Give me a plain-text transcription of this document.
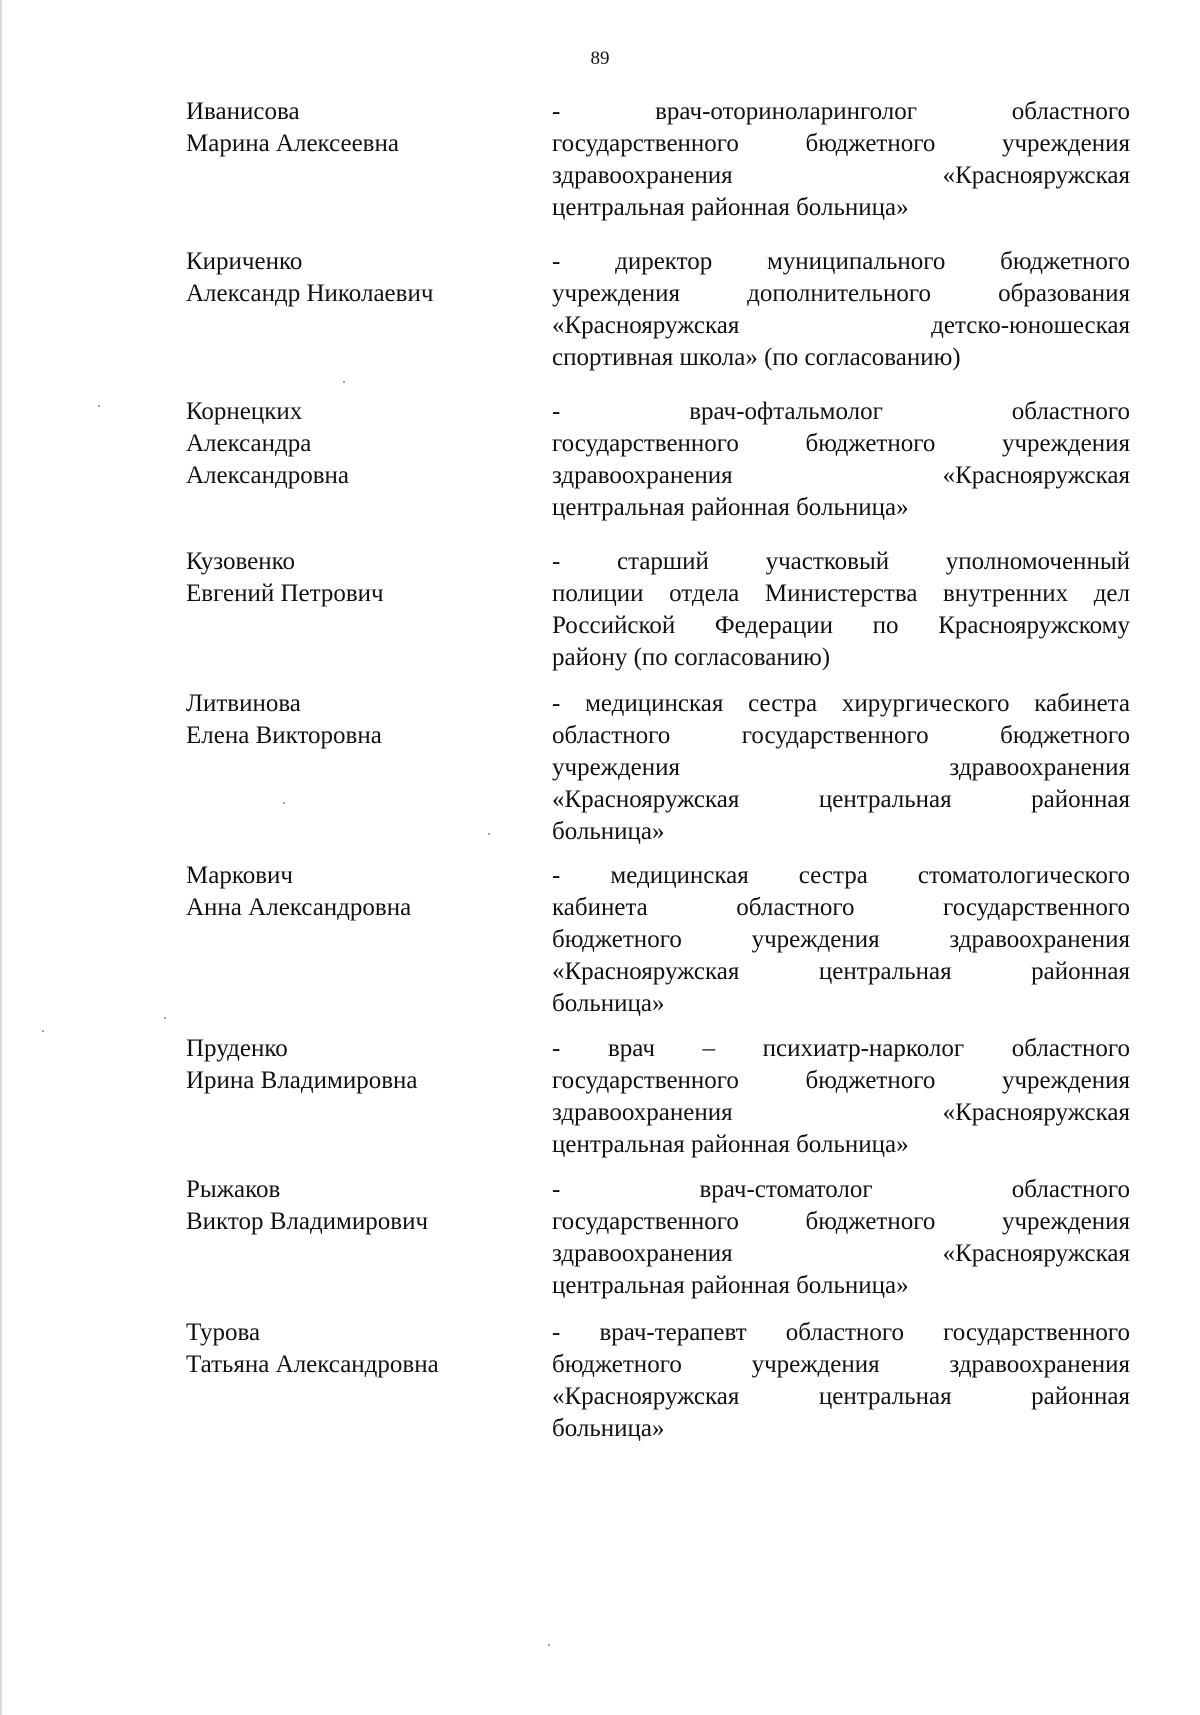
89
Иванисова
Марина Алексеевна
- врач-оториноларинголог областного
государственного бюджетного учреждения
здравоохранения «Краснояружская
центральная районная больница»
Кириченко
Александр Николаевич
- директор муниципального бюджетного
учреждения дополнительного образования
«Краснояружская детско-юношеская
спортивная школа» (по согласованию)
Корнецких
Александра
Александровна
- врач-офтальмолог областного
государственного бюджетного учреждения
здравоохранения «Краснояружская
центральная районная больница»
Кузовенко
Евгений Петрович
- старший участковый уполномоченный
полиции отдела Министерства внутренних дел
Российской Федерации по Краснояружскому
району (по согласованию)
Литвинова
Елена Викторовна
- медицинская сестра хирургического кабинета
областного государственного бюджетного
учреждения здравоохранения
«Краснояружская центральная районная
больница»
Маркович
Анна Александровна
- медицинская сестра стоматологического
кабинета областного государственного
бюджетного учреждения здравоохранения
«Краснояружская центральная районная
больница»
Пруденко
Ирина Владимировна
- врач – психиатр-нарколог областного
государственного бюджетного учреждения
здравоохранения «Краснояружская
центральная районная больница»
Рыжаков
Виктор Владимирович
- врач-стоматолог областного
государственного бюджетного учреждения
здравоохранения «Краснояружская
центральная районная больница»
Турова
Татьяна Александровна
- врач-терапевт областного государственного
бюджетного учреждения здравоохранения
«Краснояружская центральная районная
больница»
